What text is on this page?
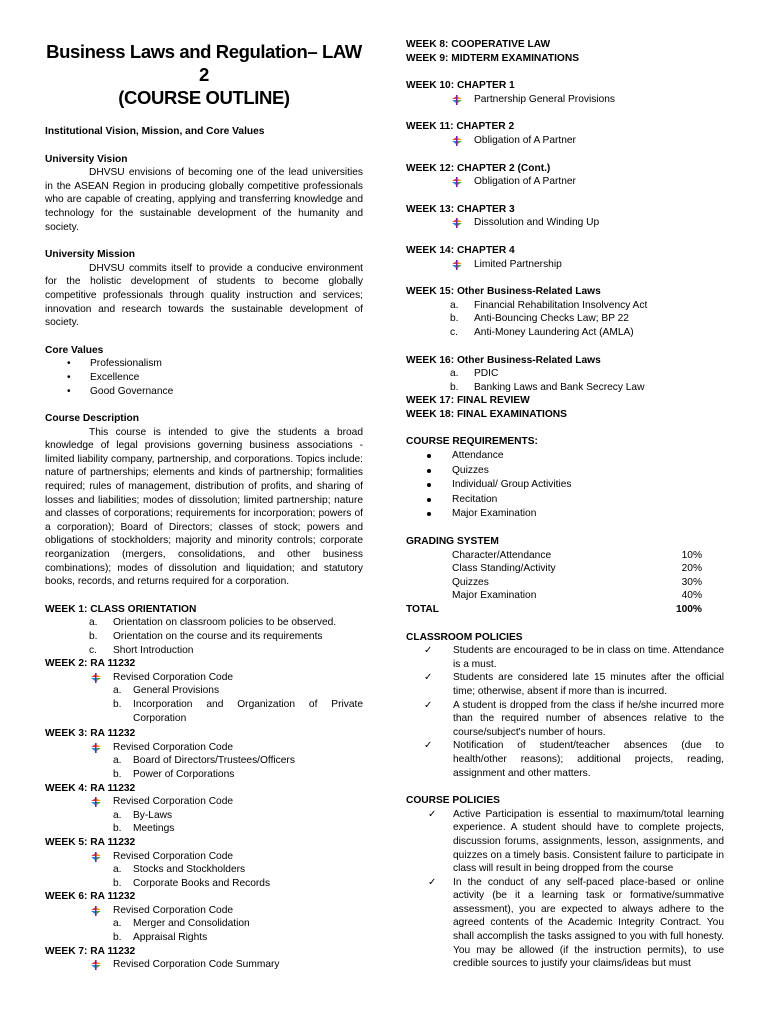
Business Laws and Regulation– LAW
2
(COURSE OUTLINE)

Institutional Vision, Mission, and Core Values

University Vision

DHVSU envisions of becoming one of the lead universities in the ASEAN Region in producing globally competitive professionals who are capable of creating, applying and transferring knowledge and technology for the sustainable development of the humanity and society.

University Mission

DHVSU commits itself to provide a conducive environment for the holistic development of students to become globally competitive professionals through quality instruction and services; innovation and research towards the sustainable development of society.

Core Values

• Professionalism
• Excellence
• Good Governance

Course Description

This course is intended to give the students a broad knowledge of legal provisions governing business associations - limited liability company, partnership, and corporations. Topics include: nature of partnerships; elements and kinds of partnership; formalities required; rules of management, distribution of profits, and sharing of losses and liabilities; modes of dissolution; limited partnership; nature and classes of corporations; requirements for incorporation; powers of a corporation); Board of Directors; classes of stock; powers and obligations of stockholders; majority and minority controls; corporate reorganization (mergers, consolidations, and other business combinations); modes of dissolution and liquidation; and statutory books, records, and returns required for a corporation.

WEEK 1: CLASS ORIENTATION

a. Orientation on classroom policies to be observed.
b. Orientation on the course and its requirements
c. Short Introduction

WEEK 2: RA 11232

Revised Corporation Code
a. General Provisions
b. Incorporation and Organization of Private Corporation

WEEK 3: RA 11232

Revised Corporation Code
a. Board of Directors/Trustees/Officers
b. Power of Corporations

WEEK 4: RA 11232

Revised Corporation Code
a. By-Laws
b. Meetings

WEEK 5: RA 11232

Revised Corporation Code
a. Stocks and Stockholders
b. Corporate Books and Records

WEEK 6: RA 11232

Revised Corporation Code
a. Merger and Consolidation
b. Appraisal Rights

WEEK 7: RA 11232

Revised Corporation Code Summary

WEEK 8: COOPERATIVE LAW

WEEK 9: MIDTERM EXAMINATIONS

WEEK 10: CHAPTER 1

Partnership General Provisions

WEEK 11: CHAPTER 2

Obligation of A Partner

WEEK 12: CHAPTER 2 (Cont.)

Obligation of A Partner

WEEK 13: CHAPTER 3

Dissolution and Winding Up

WEEK 14: CHAPTER 4

Limited Partnership

WEEK 15: Other Business-Related Laws

a. Financial Rehabilitation Insolvency Act
b. Anti-Bouncing Checks Law; BP 22
c. Anti-Money Laundering Act (AMLA)

WEEK 16: Other Business-Related Laws

a. PDIC
b. Banking Laws and Bank Secrecy Law

WEEK 17: FINAL REVIEW

WEEK 18: FINAL EXAMINATIONS

COURSE REQUIREMENTS:

Attendance
Quizzes
Individual/ Group Activities
Recitation
Major Examination

GRADING SYSTEM

Character/Attendance	10%
Class Standing/Activity	20%
Quizzes	30%
Major Examination	40%
TOTAL	100%

CLASSROOM POLICIES

✓ Students are encouraged to be in class on time. Attendance is a must.
✓ Students are considered late 15 minutes after the official time; otherwise, absent if more than is incurred.
✓ A student is dropped from the class if he/she incurred more than the required number of absences relative to the course/subject's number of hours.
✓ Notification of student/teacher absences (due to health/other reasons); additional projects, reading, assignment and other matters.

COURSE POLICIES

✓ Active Participation is essential to maximum/total learning experience. A student should have to complete projects, discussion forums, assignments, lesson, assignments, and quizzes on a timely basis. Consistent failure to participate in class will result in being dropped from the course
✓ In the conduct of any self-paced place-based or online activity (be it a learning task or formative/summative assessment), you are expected to always adhere to the agreed contents of the Academic Integrity Contract. You shall accomplish the tasks assigned to you with full honesty. You may be allowed (if the instruction permits), to use credible sources to justify your claims/ideas but must
